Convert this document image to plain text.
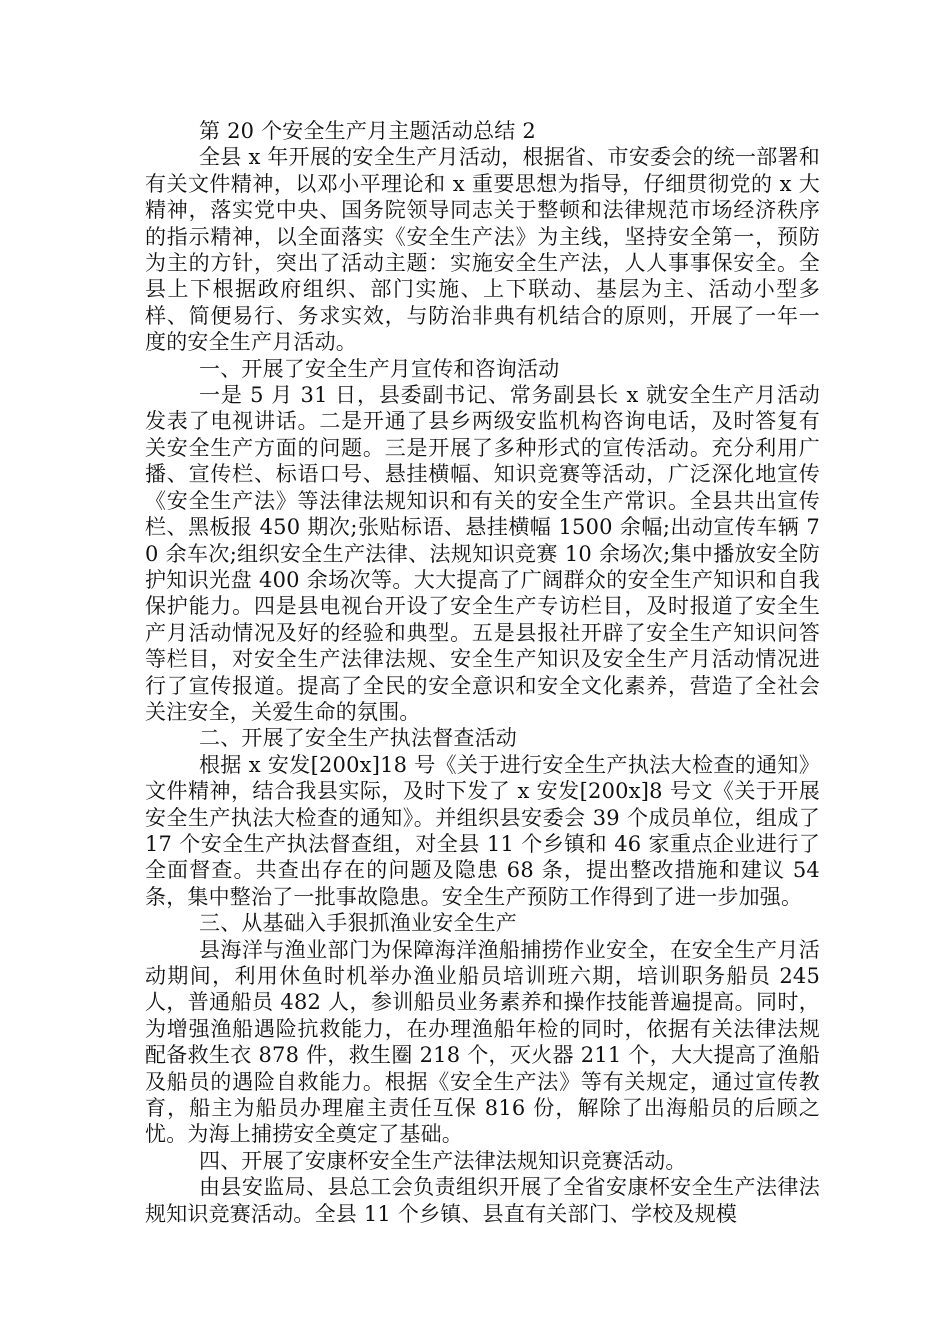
第 20 个安全生产月主题活动总结 2

全县 x 年开展的安全生产月活动，根据省、市安委会的统一部署和有关文件精神，以邓小平理论和 x 重要思想为指导，仔细贯彻党的 x 大精神，落实党中央、国务院领导同志关于整顿和法律规范市场经济秩序的指示精神，以全面落实《安全生产法》为主线，坚持安全第一，预防为主的方针，突出了活动主题：实施安全生产法，人人事事保安全。全县上下根据政府组织、部门实施、上下联动、基层为主、活动小型多样、简便易行、务求实效，与防治非典有机结合的原则，开展了一年一度的安全生产月活动。

一、开展了安全生产月宣传和咨询活动

一是 5 月 31 日，县委副书记、常务副县长 x 就安全生产月活动发表了电视讲话。二是开通了县乡两级安监机构咨询电话，及时答复有关安全生产方面的问题。三是开展了多种形式的宣传活动。充分利用广播、宣传栏、标语口号、悬挂横幅、知识竞赛等活动，广泛深化地宣传《安全生产法》等法律法规知识和有关的安全生产常识。全县共出宣传栏、黑板报 450 期次;张贴标语、悬挂横幅 1500 余幅;出动宣传车辆 70 余车次;组织安全生产法律、法规知识竞赛 10 余场次;集中播放安全防护知识光盘 400 余场次等。大大提高了广阔群众的安全生产知识和自我保护能力。四是县电视台开设了安全生产专访栏目，及时报道了安全生产月活动情况及好的经验和典型。五是县报社开辟了安全生产知识问答等栏目，对安全生产法律法规、安全生产知识及安全生产月活动情况进行了宣传报道。提高了全民的安全意识和安全文化素养，营造了全社会关注安全，关爱生命的氛围。

二、开展了安全生产执法督查活动

根据 x 安发[200x]18 号《关于进行安全生产执法大检查的通知》文件精神，结合我县实际，及时下发了 x 安发[200x]8 号文《关于开展安全生产执法大检查的通知》。并组织县安委会 39 个成员单位，组成了 17 个安全生产执法督查组，对全县 11 个乡镇和 46 家重点企业进行了全面督查。共查出存在的问题及隐患 68 条，提出整改措施和建议 54 条，集中整治了一批事故隐患。安全生产预防工作得到了进一步加强。

三、从基础入手狠抓渔业安全生产

县海洋与渔业部门为保障海洋渔船捕捞作业安全，在安全生产月活动期间，利用休鱼时机举办渔业船员培训班六期，培训职务船员 245 人，普通船员 482 人，参训船员业务素养和操作技能普遍提高。同时，为增强渔船遇险抗救能力，在办理渔船年检的同时，依据有关法律法规配备救生衣 878 件，救生圈 218 个，灭火器 211 个，大大提高了渔船及船员的遇险自救能力。根据《安全生产法》等有关规定，通过宣传教育，船主为船员办理雇主责任互保 816 份，解除了出海船员的后顾之忧。为海上捕捞安全奠定了基础。

四、开展了安康杯安全生产法律法规知识竞赛活动。

由县安监局、县总工会负责组织开展了全省安康杯安全生产法律法规知识竞赛活动。全县 11 个乡镇、县直有关部门、学校及规模
